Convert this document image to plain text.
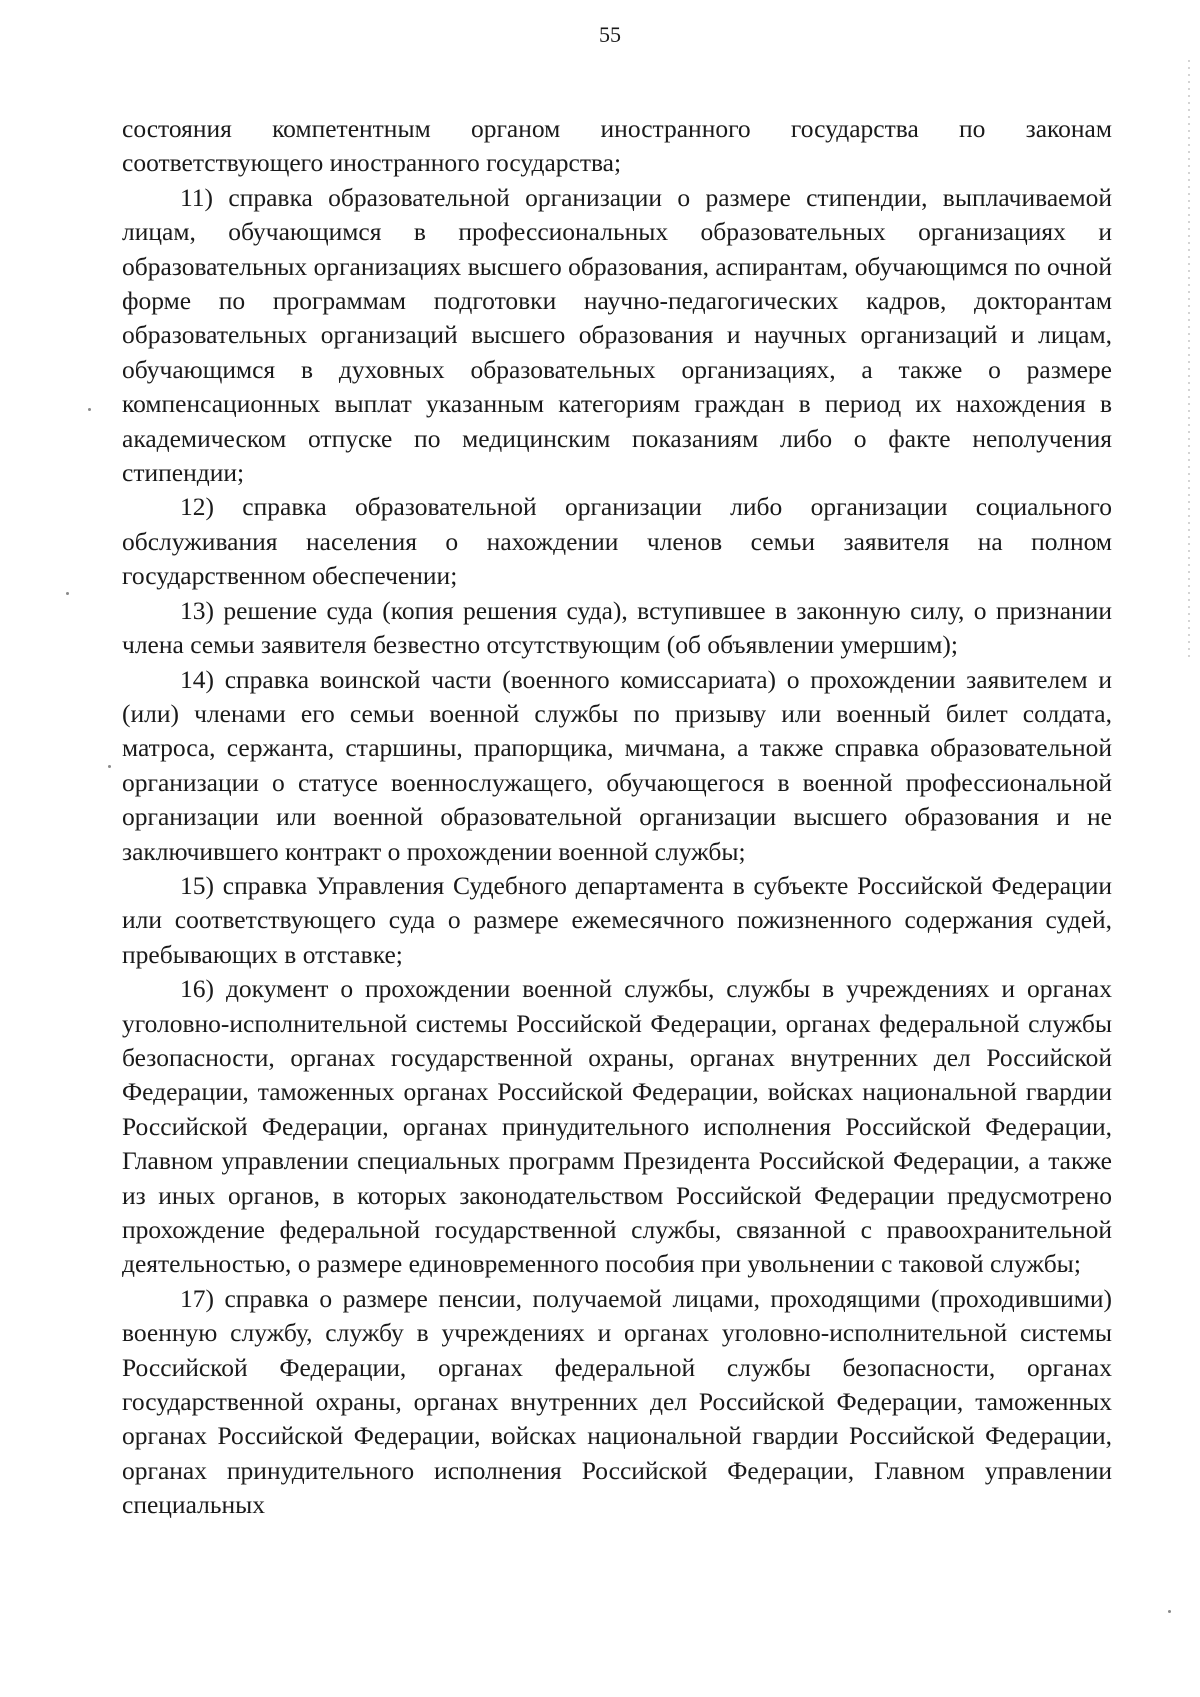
55

состояния компетентным органом иностранного государства по законам соответствующего иностранного государства;

11) справка образовательной организации о размере стипендии, выплачиваемой лицам, обучающимся в профессиональных образовательных организациях и образовательных организациях высшего образования, аспирантам, обучающимся по очной форме по программам подготовки научно-педагогических кадров, докторантам образовательных организаций высшего образования и научных организаций и лицам, обучающимся в духовных образовательных организациях, а также о размере компенсационных выплат указанным категориям граждан в период их нахождения в академическом отпуске по медицинским показаниям либо о факте неполучения стипендии;

12) справка образовательной организации либо организации социального обслуживания населения о нахождении членов семьи заявителя на полном государственном обеспечении;

13) решение суда (копия решения суда), вступившее в законную силу, о признании члена семьи заявителя безвестно отсутствующим (об объявлении умершим);

14) справка воинской части (военного комиссариата) о прохождении заявителем и (или) членами его семьи военной службы по призыву или военный билет солдата, матроса, сержанта, старшины, прапорщика, мичмана, а также справка образовательной организации о статусе военнослужащего, обучающегося в военной профессиональной организации или военной образовательной организации высшего образования и не заключившего контракт о прохождении военной службы;

15) справка Управления Судебного департамента в субъекте Российской Федерации или соответствующего суда о размере ежемесячного пожизненного содержания судей, пребывающих в отставке;

16) документ о прохождении военной службы, службы в учреждениях и органах уголовно-исполнительной системы Российской Федерации, органах федеральной службы безопасности, органах государственной охраны, органах внутренних дел Российской Федерации, таможенных органах Российской Федерации, войсках национальной гвардии Российской Федерации, органах принудительного исполнения Российской Федерации, Главном управлении специальных программ Президента Российской Федерации, а также из иных органов, в которых законодательством Российской Федерации предусмотрено прохождение федеральной государственной службы, связанной с правоохранительной деятельностью, о размере единовременного пособия при увольнении с таковой службы;

17) справка о размере пенсии, получаемой лицами, проходящими (проходившими) военную службу, службу в учреждениях и органах уголовно-исполнительной системы Российской Федерации, органах федеральной службы безопасности, органах государственной охраны, органах внутренних дел Российской Федерации, таможенных органах Российской Федерации, войсках национальной гвардии Российской Федерации, органах принудительного исполнения Российской Федерации, Главном управлении специальных
